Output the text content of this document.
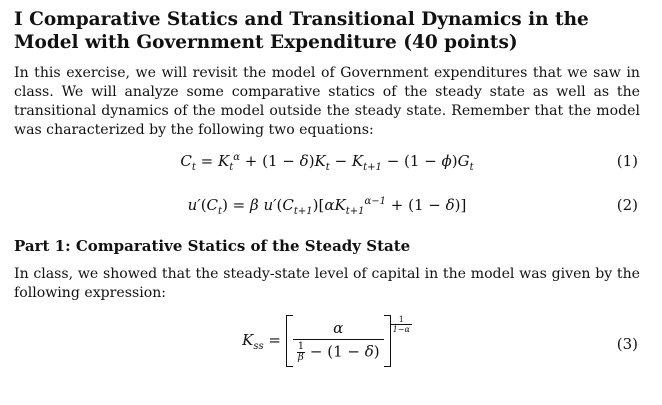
I Comparative Statics and Transitional Dynamics in the Model with Government Expenditure (40 points)

In this exercise, we will revisit the model of Government expenditures that we saw in class. We will analyze some comparative statics of the steady state as well as the transitional dynamics of the model outside the steady state. Remember that the model was characterized by the following two equations:

$C_t = K_t^\alpha + (1 - \delta)K_t - K_{t+1} - (1 - \phi)G_t$	(1)
$u'(C_t) = \beta$ $u'(C_{t+1})[\alpha K_{t+1}^{\alpha-1} + (1 - \delta)]$	(2)
Part 1: Comparative Statics of the Steady State

In class, we showed that the steady-state level of capital in the model was given by the following expression:

$K_{ss} = \frac{\alpha}{\frac{1}{\beta} - (1 - \delta)} \frac{1}{1-\alpha}$
(3)
